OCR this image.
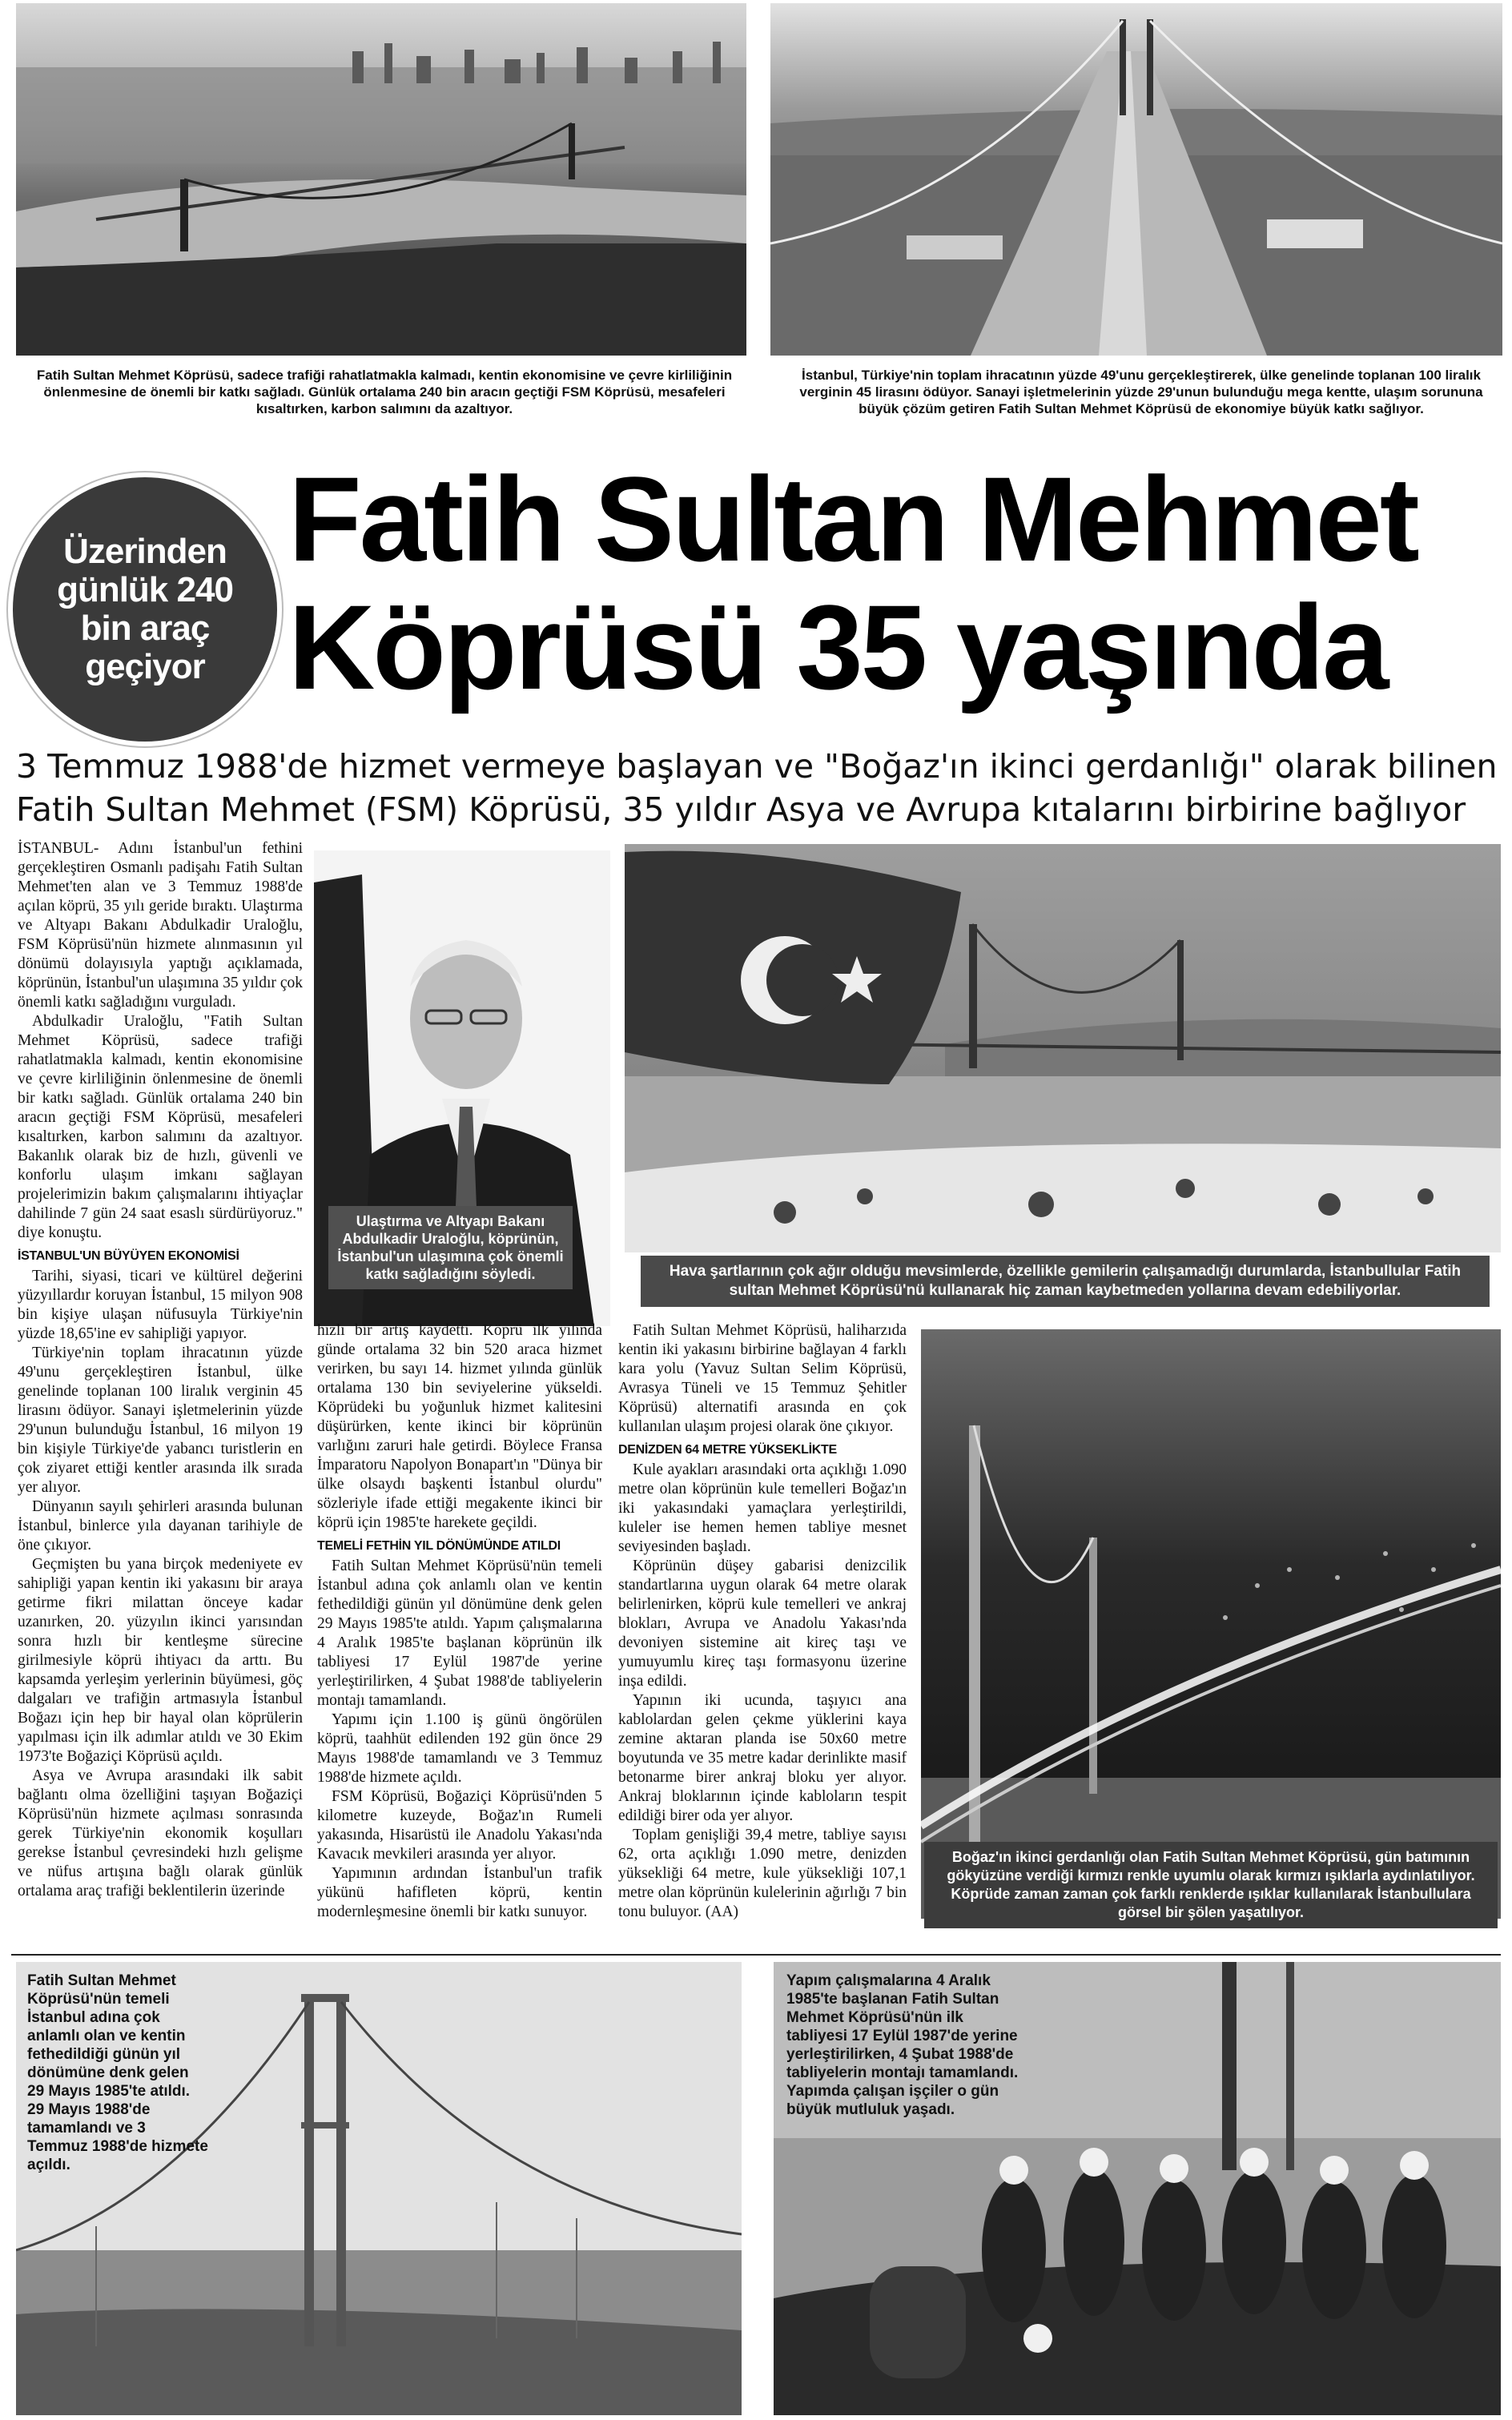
Fatih Sultan Mehmet Köprüsü, sadece trafiği rahatlatmakla kalmadı, kentin ekonomisine ve çevre kirliliğinin önlenmesine de önemli bir katkı sağladı. Günlük ortalama 240 bin aracın geçtiği FSM Köprüsü, mesafeleri kısaltırken, karbon salımını da azaltıyor.
İstanbul, Türkiye'nin toplam ihracatının yüzde 49'unu gerçekleştirerek, ülke genelinde toplanan 100 liralık verginin 45 lirasını ödüyor. Sanayi işletmelerinin yüzde 29'unun bulunduğu mega kentte, ulaşım sorununa büyük çözüm getiren Fatih Sultan Mehmet Köprüsü de ekonomiye büyük katkı sağlıyor.
Üzerinden günlük 240 bin araç geçiyor
Fatih Sultan Mehmet
Köprüsü 35 yaşında
3 Temmuz 1988'de hizmet vermeye başlayan ve "Boğaz'ın ikinci gerdanlığı" olarak bilinen
Fatih Sultan Mehmet (FSM) Köprüsü, 35 yıldır Asya ve Avrupa kıtalarını birbirine bağlıyor

İSTANBUL- Adını İstanbul'un fethini gerçekleştiren Osmanlı padişahı Fatih Sultan Mehmet'ten alan ve 3 Temmuz 1988'de açılan köprü, 35 yılı geride bıraktı. Ulaştırma ve Altyapı Bakanı Abdulkadir Uraloğlu, FSM Köprüsü'nün hizmete alınmasının yıl dönümü dolayısıyla yaptığı açıklamada, köprünün, İstanbul'un ulaşımına 35 yıldır çok önemli katkı sağladığını vurguladı.

Abdulkadir Uraloğlu, "Fatih Sultan Mehmet Köprüsü, sadece trafiği rahatlatmakla kalmadı, kentin ekonomisine ve çevre kirliliğinin önlenmesine de önemli bir katkı sağladı. Günlük ortalama 240 bin aracın geçtiği FSM Köprüsü, mesafeleri kısaltırken, karbon salımını da azaltıyor. Bakanlık olarak biz de hızlı, güvenli ve konforlu ulaşım imkanı sağlayan projelerimizin bakım çalışmalarını ihtiyaçlar dahilinde 7 gün 24 saat esaslı sürdürüyoruz." diye konuştu.

İSTANBUL'UN BÜYÜYEN EKONOMİSİ

Tarihi, siyasi, ticari ve kültürel değerini yüzyıllardır koruyan İstanbul, 15 milyon 908 bin kişiye ulaşan nüfusuyla Türkiye'nin yüzde 18,65'ine ev sahipliği yapıyor.

Türkiye'nin toplam ihracatının yüzde 49'unu gerçekleştiren İstanbul, ülke genelinde toplanan 100 liralık verginin 45 lirasını ödüyor. Sanayi işletmelerinin yüzde 29'unun bulunduğu İstanbul, 16 milyon 19 bin kişiyle Türkiye'de yabancı turistlerin en çok ziyaret ettiği kentler arasında ilk sırada yer alıyor.

Dünyanın sayılı şehirleri arasında bulunan İstanbul, binlerce yıla dayanan tarihiyle de öne çıkıyor.

Geçmişten bu yana birçok medeniyete ev sahipliği yapan kentin iki yakasını bir araya getirme fikri milattan önceye kadar uzanırken, 20. yüzyılın ikinci yarısından sonra hızlı bir kentleşme sürecine girilmesiyle köprü ihtiyacı da arttı. Bu kapsamda yerleşim yerlerinin büyümesi, göç dalgaları ve trafiğin artmasıyla İstanbul Boğazı için hep bir hayal olan köprülerin yapılması için ilk adımlar atıldı ve 30 Ekim 1973'te Boğaziçi Köprüsü açıldı.

Asya ve Avrupa arasındaki ilk sabit bağlantı olma özelliğini taşıyan Boğaziçi Köprüsü'nün hizmete açılması sonrasında gerek Türkiye'nin ekonomik koşulları gerekse İstanbul çevresindeki hızlı gelişme ve nüfus artışına bağlı olarak günlük ortalama araç trafiği beklentilerin üzerinde

Ulaştırma ve Altyapı Bakanı Abdulkadir Uraloğlu, köprünün, İstanbul'un ulaşımına çok önemli katkı sağladığını söyledi.	Hava şartlarının çok ağır olduğu mevsimlerde, özellikle gemilerin çalışamadığı durumlarda, İstanbullular Fatih sultan Mehmet Köprüsü'nü kullanarak hiç zaman kaybetmeden yollarına devam edebiliyorlar.

hızlı bir artış kaydetti. Köprü ilk yılında günde ortalama 32 bin 520 araca hizmet verirken, bu sayı 14. hizmet yılında günlük ortalama 130 bin seviyelerine yükseldi. Köprüdeki bu yoğunluk hizmet kalitesini düşürürken, kente ikinci bir köprünün varlığını zaruri hale getirdi. Böylece Fransa İmparatoru Napolyon Bonapart'ın "Dünya bir ülke olsaydı başkenti İstanbul olurdu" sözleriyle ifade ettiği megakente ikinci bir köprü için 1985'te harekete geçildi.

TEMELİ FETHİN YIL DÖNÜMÜNDE ATILDI

Fatih Sultan Mehmet Köprüsü'nün temeli İstanbul adına çok anlamlı olan ve kentin fethedildiği günün yıl dönümüne denk gelen 29 Mayıs 1985'te atıldı. Yapım çalışmalarına 4 Aralık 1985'te başlanan köprünün ilk tabliyesi 17 Eylül 1987'de yerine yerleştirilirken, 4 Şubat 1988'de tabliyelerin montajı tamamlandı.

Yapımı için 1.100 iş günü öngörülen köprü, taahhüt edilenden 192 gün önce 29 Mayıs 1988'de tamamlandı ve 3 Temmuz 1988'de hizmete açıldı.

FSM Köprüsü, Boğaziçi Köprüsü'nden 5 kilometre kuzeyde, Boğaz'ın Rumeli yakasında, Hisarüstü ile Anadolu Yakası'nda Kavacık mevkileri arasında yer alıyor.

Yapımının ardından İstanbul'un trafik yükünü hafifleten köprü, kentin modernleşmesine önemli bir katkı sunuyor.

Fatih Sultan Mehmet Köprüsü, haliharzıda kentin iki yakasını birbirine bağlayan 4 farklı kara yolu (Yavuz Sultan Selim Köprüsü, Avrasya Tüneli ve 15 Temmuz Şehitler Köprüsü) alternatifi arasında en çok kullanılan ulaşım projesi olarak öne çıkıyor.

DENİZDEN 64 METRE YÜKSEKLİKTE

Kule ayakları arasındaki orta açıklığı 1.090 metre olan köprünün kule temelleri Boğaz'ın iki yakasındaki yamaçlara yerleştirildi, kuleler ise hemen hemen tabliye mesnet seviyesinden başladı.

Köprünün düşey gabarisi denizcilik standartlarına uygun olarak 64 metre olarak belirlenirken, köprü kule temelleri ve ankraj blokları, Avrupa ve Anadolu Yakası'nda devoniyen sistemine ait kireç taşı ve yumuyumlu kireç taşı formasyonu üzerine inşa edildi.

Yapının iki ucunda, taşıyıcı ana kablolardan gelen çekme yüklerini kaya zemine aktaran planda ise 50x60 metre boyutunda ve 35 metre kadar derinlikte masif betonarme birer ankraj bloku yer alıyor. Ankraj bloklarının içinde kabloların tespit edildiği birer oda yer alıyor.

Toplam genişliği 39,4 metre, tabliye sayısı 62, orta açıklığı 1.090 metre, denizden yüksekliği 64 metre, kule yüksekliği 107,1 metre olan köprünün kulelerinin ağırlığı 7 bin tonu buluyor. (AA)

Boğaz'ın ikinci gerdanlığı olan Fatih Sultan Mehmet Köprüsü, gün batımının gökyüzüne verdiği kırmızı renkle uyumlu olarak kırmızı ışıklarla aydınlatılıyor. Köprüde zaman zaman çok farklı renklerde ışıklar kullanılarak İstanbullulara görsel bir şölen yaşatılıyor.
Fatih Sultan Mehmet Köprüsü'nün temeli İstanbul adına çok anlamlı olan ve kentin fethedildiği günün yıl dönümüne denk gelen 29 Mayıs 1985'te atıldı. 29 Mayıs 1988'de tamamlandı ve 3 Temmuz 1988'de hizmete açıldı.
Yapım çalışmalarına 4 Aralık 1985'te başlanan Fatih Sultan Mehmet Köprüsü'nün ilk tabliyesi 17 Eylül 1987'de yerine yerleştirilirken, 4 Şubat 1988'de tabliyelerin montajı tamamlandı. Yapımda çalışan işçiler o gün büyük mutluluk yaşadı.
